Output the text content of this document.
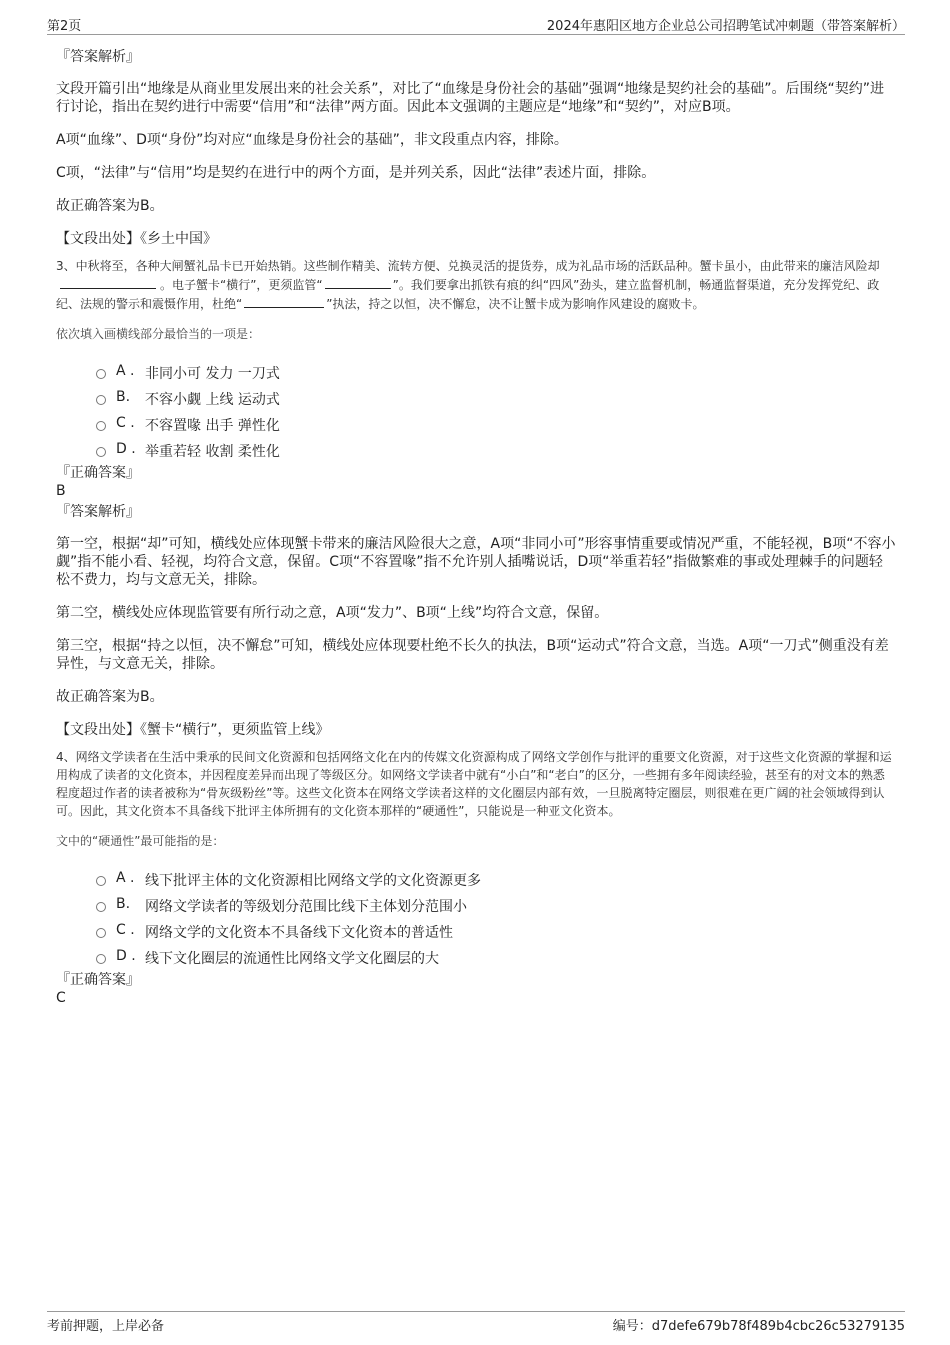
第2页	2024年惠阳区地方企业总公司招聘笔试冲刺题（带答案解析）

『答案解析』

文段开篇引出“地缘是从商业里发展出来的社会关系”，对比了“血缘是身份社会的基础”强调“地缘是契约社会的基础”。后围绕“契约”进行讨论，指出在契约进行中需要“信用”和“法律”两方面。因此本文强调的主题应是“地缘”和“契约”，对应B项。

A项“血缘”、D项“身份”均对应“血缘是身份社会的基础”，非文段重点内容，排除。

C项，“法律”与“信用”均是契约在进行中的两个方面，是并列关系，因此“法律”表述片面，排除。

故正确答案为B。

【文段出处】《乡土中国》

3、中秋将至，各种大闸蟹礼品卡已开始热销。这些制作精美、流转方便、兑换灵活的提货券，成为礼品市场的活跃品种。蟹卡虽小，由此带来的廉洁风险却。电子蟹卡“横行”，更须监管“	”。我们要拿出抓铁有痕的纠“四风”劲头，建立监督机制，畅通监督渠道，充分发挥党纪、政纪、法规的警示和震慑作用，杜绝“	”执法，持之以恒，决不懈怠，决不让蟹卡成为影响作风建设的腐败卡。

依次填入画横线部分最恰当的一项是：

A . 非同小可 发力 一刀式
B. 不容小觑 上线 运动式
C . 不容置喙 出手 弹性化
D . 举重若轻 收割 柔性化

『正确答案』

B

『答案解析』

第一空，根据“却”可知，横线处应体现蟹卡带来的廉洁风险很大之意，A项“非同小可”形容事情重要或情况严重，不能轻视，B项“不容小觑”指不能小看、轻视，均符合文意，保留。C项“不容置喙”指不允许别人插嘴说话，D项“举重若轻”指做繁难的事或处理棘手的问题轻松不费力，均与文意无关，排除。

第二空，横线处应体现监管要有所行动之意，A项“发力”、B项“上线”均符合文意，保留。

第三空，根据“持之以恒，决不懈怠”可知，横线处应体现要杜绝不长久的执法，B项“运动式”符合文意，当选。A项“一刀式”侧重没有差异性，与文意无关，排除。

故正确答案为B。

【文段出处】《蟹卡“横行”，更须监管上线》

4、网络文学读者在生活中秉承的民间文化资源和包括网络文化在内的传媒文化资源构成了网络文学创作与批评的重要文化资源，对于这些文化资源的掌握和运用构成了读者的文化资本，并因程度差异而出现了等级区分。如网络文学读者中就有“小白”和“老白”的区分，一些拥有多年阅读经验，甚至有的对文本的熟悉程度超过作者的读者被称为“骨灰级粉丝”等。这些文化资本在网络文学读者这样的文化圈层内部有效，一旦脱离特定圈层，则很难在更广阔的社会领域得到认可。因此，其文化资本不具备线下批评主体所拥有的文化资本那样的“硬通性”，只能说是一种亚文化资本。

文中的“硬通性”最可能指的是：

A . 线下批评主体的文化资源相比网络文学的文化资源更多
B. 网络文学读者的等级划分范围比线下主体划分范围小
C . 网络文学的文化资本不具备线下文化资本的普适性
D . 线下文化圈层的流通性比网络文学文化圈层的大

『正确答案』

C

考前押题，上岸必备	编号：d7defe679b78f489b4cbc26c53279135
